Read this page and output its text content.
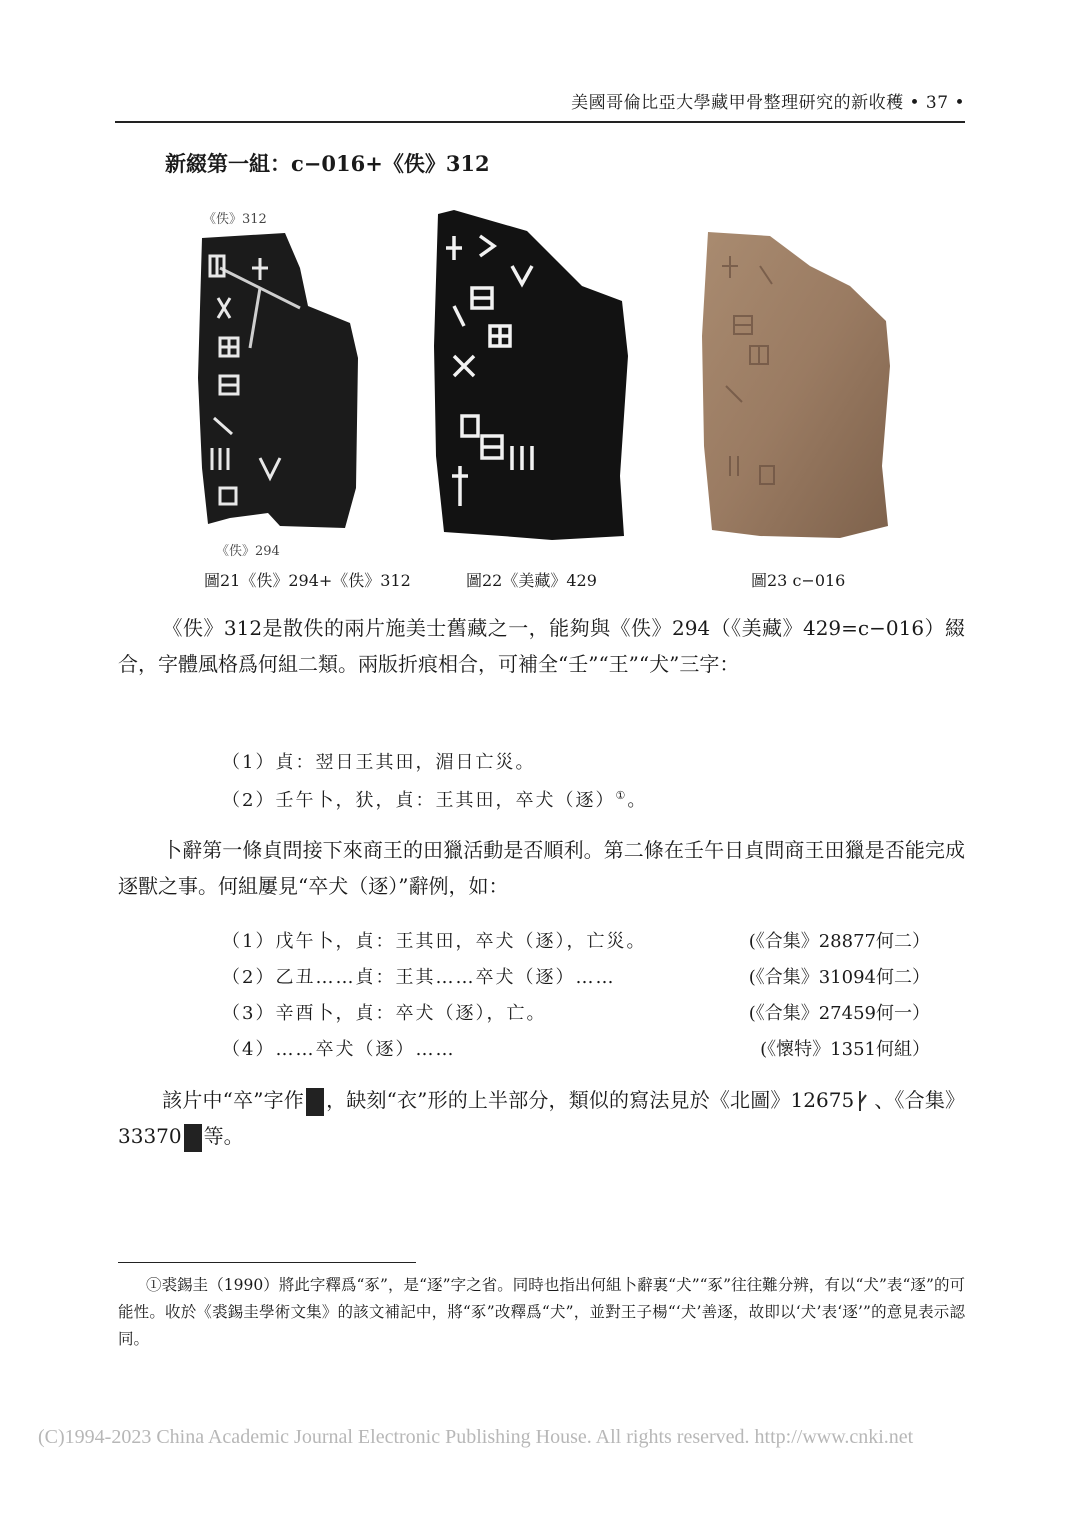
美國哥倫比亞大學藏甲骨整理研究的新收穫 • 37 •
新綴第一組：c−016+《佚》312
《佚》312
《佚》294
圖21《佚》294+《佚》312	圖22《美藏》429	圖23 c−016
《佚》312是散佚的兩片施美士舊藏之一，能夠與《佚》294（《美藏》429=c−016）綴合，字體風格爲何組二類。兩版折痕相合，可補全“壬”“王”“犬”三字：
（1）貞：翌日王其田，湄日亡災。
（2）壬午卜，犾，貞：王其田，卒犬（逐）①。
卜辭第一條貞問接下來商王的田獵活動是否順利。第二條在壬午日貞問商王田獵是否能完成逐獸之事。何組屢見“卒犬（逐）”辭例，如：
（1）戊午卜，貞：王其田，卒犬（逐），亡災。	(《合集》28877何二）
（2）乙丑……貞：王其……卒犬（逐）……	(《合集》31094何二）
（3）辛酉卜，貞：卒犬（逐），亡。	(《合集》27459何一）
（4）……卒犬（逐）……	(《懷特》1351何組）
該片中“卒”字作 ，缺刻“衣”形的上半部分，類似的寫法見於《北圖》12675 、《合集》33370 等。
①裘錫圭（1990）將此字釋爲“豖”，是“逐”字之省。同時也指出何組卜辭裏“犬”“豖”往往難分辨，有以“犬”表“逐”的可能性。收於《裘錫圭學術文集》的該文補記中，將“豖”改釋爲“犬”，並對王子楊“‘犬’善逐，故即以‘犬’表‘逐’”的意見表示認同。
(C)1994-2023 China Academic Journal Electronic Publishing House. All rights reserved. http://www.cnki.net
